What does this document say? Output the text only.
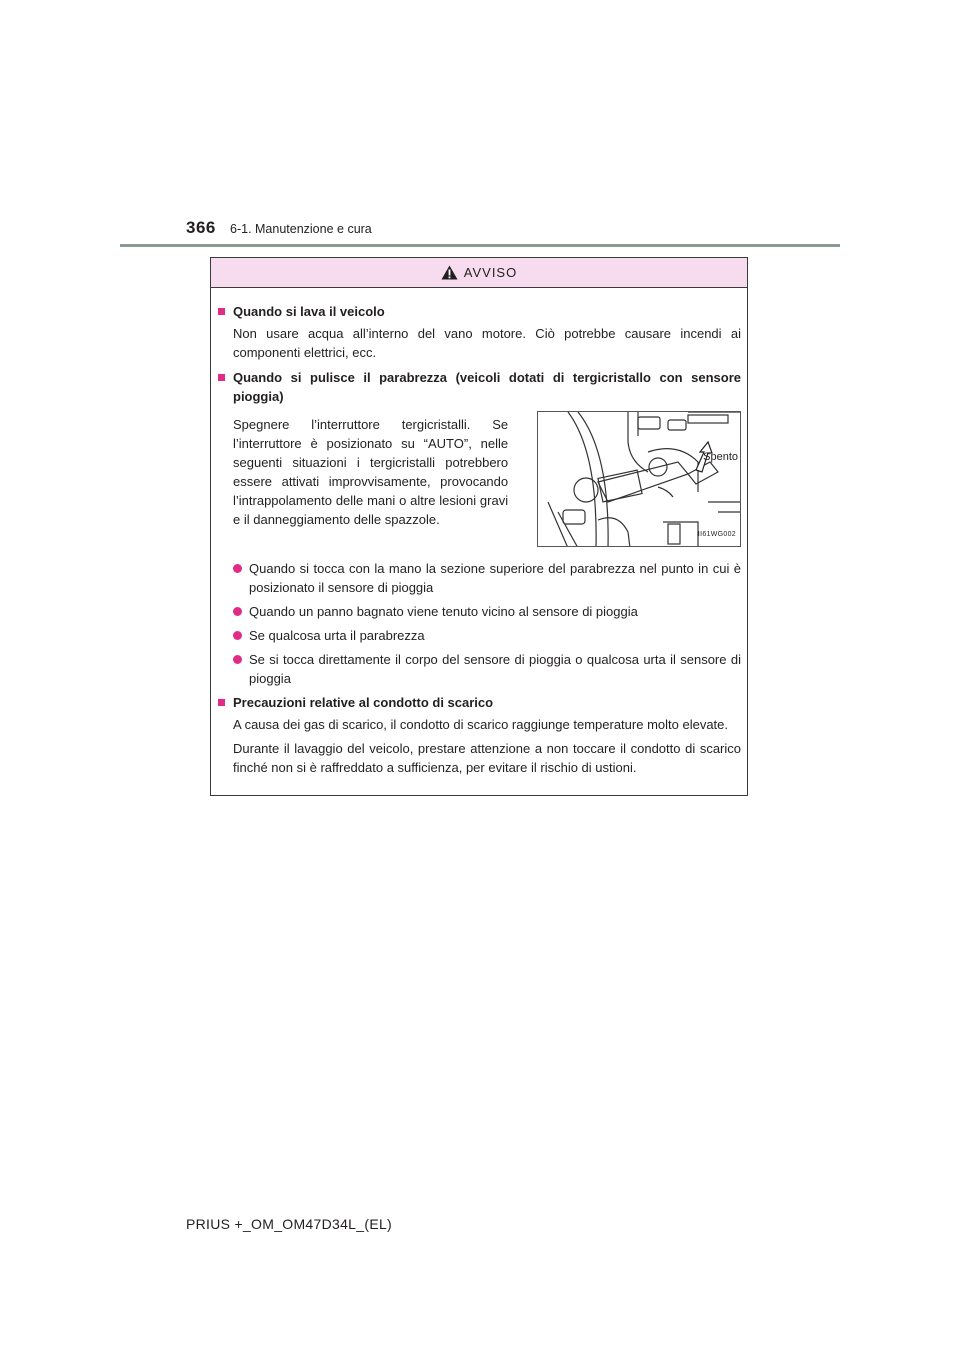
366 6-1. Manutenzione e cura
AVVISO
Quando si lava il veicolo
Non usare acqua all’interno del vano motore. Ciò potrebbe causare incendi ai componenti elettrici, ecc.
Quando si pulisce il parabrezza (veicoli dotati di tergicristallo con sensore pioggia)
Spegnere l’interruttore tergicristalli. Se l’interruttore è posizionato su “AUTO”, nelle seguenti situazioni i tergicristalli potrebbero essere attivati improvvisamente, provocando l’intrappolamento delle mani o altre lesioni gravi e il danneggiamento delle spazzole.
Spento
II61WG002
Quando si tocca con la mano la sezione superiore del parabrezza nel punto in cui è posizionato il sensore di pioggia
Quando un panno bagnato viene tenuto vicino al sensore di pioggia
Se qualcosa urta il parabrezza
Se si tocca direttamente il corpo del sensore di pioggia o qualcosa urta il sensore di pioggia
Precauzioni relative al condotto di scarico
A causa dei gas di scarico, il condotto di scarico raggiunge temperature molto elevate.
Durante il lavaggio del veicolo, prestare attenzione a non toccare il condotto di scarico finché non si è raffreddato a sufficienza, per evitare il rischio di ustioni.
PRIUS +_OM_OM47D34L_(EL)
